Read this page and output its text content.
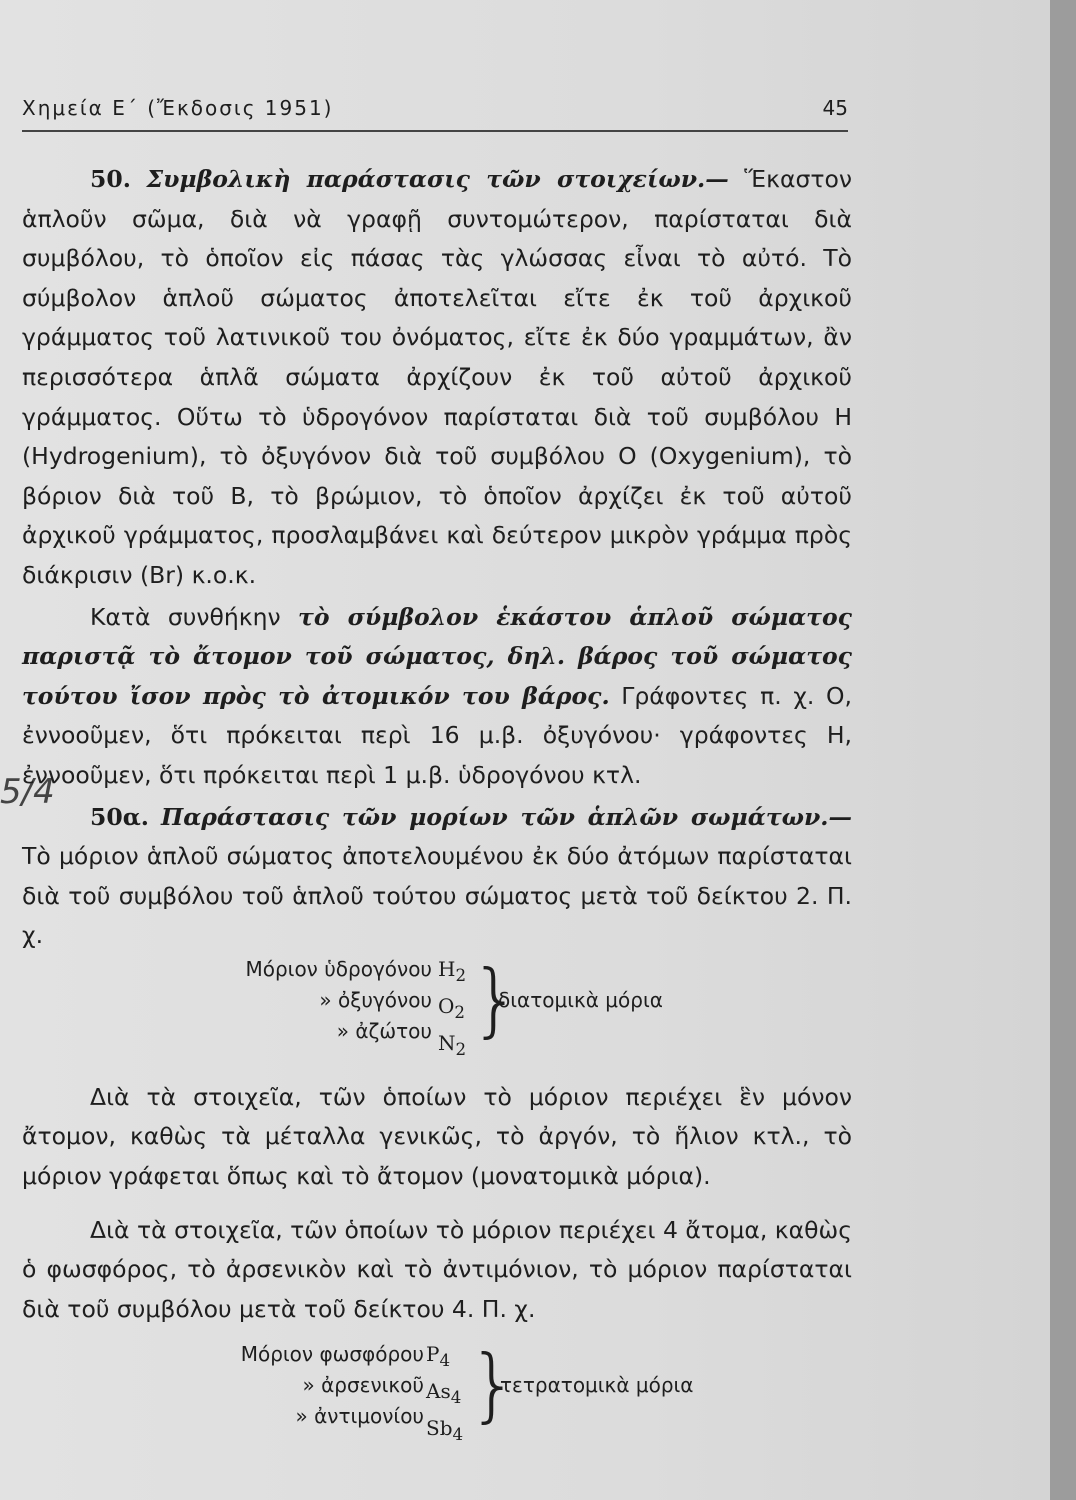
Χημεία Ε΄ (Ἔκδοσις 1951)	45
5/4

50. Συμβολικὴ παράστασις τῶν στοιχείων.— Ἕκαστον ἁπλοῦν σῶμα, διὰ νὰ γραφῇ συντομώτερον, παρίσταται διὰ συμβόλου, τὸ ὁποῖον εἰς πάσας τὰς γλώσσας εἶναι τὸ αὐτό. Τὸ σύμβολον ἁπλοῦ σώματος ἀποτελεῖται εἴτε ἐκ τοῦ ἀρχικοῦ γράμματος τοῦ λατινικοῦ του ὀνόματος, εἴτε ἐκ δύο γραμμάτων, ἂν περισσότερα ἁπλᾶ σώματα ἀρχίζουν ἐκ τοῦ αὐτοῦ ἀρχικοῦ γράμματος. Οὕτω τὸ ὑδρογόνον παρίσταται διὰ τοῦ συμβόλου H (Hydrogenium), τὸ ὀξυγόνον διὰ τοῦ συμβόλου O (Oxygenium), τὸ βόριον διὰ τοῦ B, τὸ βρώμιον, τὸ ὁποῖον ἀρχίζει ἐκ τοῦ αὐτοῦ ἀρχικοῦ γράμματος, προσλαμβάνει καὶ δεύτερον μικρὸν γράμμα πρὸς διάκρισιν (Br) κ.ο.κ.

Κατὰ συνθήκην τὸ σύμβολον ἑκάστου ἁπλοῦ σώματος παριστᾷ τὸ ἄτομον τοῦ σώματος, δηλ. βάρος τοῦ σώματος τούτου ἴσον πρὸς τὸ ἀτομικόν του βάρος. Γράφοντες π. χ. O, ἐννοοῦμεν, ὅτι πρόκειται περὶ 16 μ.β. ὀξυγόνου· γράφοντες H, ἐννοοῦμεν, ὅτι πρόκειται περὶ 1 μ.β. ὑδρογόνου κτλ.

50α. Παράστασις τῶν μορίων τῶν ἁπλῶν σωμάτων.— Τὸ μόριον ἁπλοῦ σώματος ἀποτελουμένου ἐκ δύο ἀτόμων παρίσταται διὰ τοῦ συμβόλου τοῦ ἁπλοῦ τούτου σώματος μετὰ τοῦ δείκτου 2. Π. χ.

Μόριον ὑδρογόνου
» ὀξυγόνου
» ἀζώτου
$H_2$
$O_2$
$N_2$
}
διατομικὰ μόρια

Διὰ τὰ στοιχεῖα, τῶν ὁποίων τὸ μόριον περιέχει ἓν μόνον ἄτομον, καθὼς τὰ μέταλλα γενικῶς, τὸ ἀργόν, τὸ ἥλιον κτλ., τὸ μόριον γράφεται ὅπως καὶ τὸ ἄτομον (μονατομικὰ μόρια).

Διὰ τὰ στοιχεῖα, τῶν ὁποίων τὸ μόριον περιέχει 4 ἄτομα, καθὼς ὁ φωσφόρος, τὸ ἀρσενικὸν καὶ τὸ ἀντιμόνιον, τὸ μόριον παρίσταται διὰ τοῦ συμβόλου μετὰ τοῦ δείκτου 4. Π. χ.

Μόριον φωσφόρου
» ἀρσενικοῦ
» ἀντιμονίου
$P_4$
$As_4$
$Sb_4$
}
τετρατομικὰ μόρια
